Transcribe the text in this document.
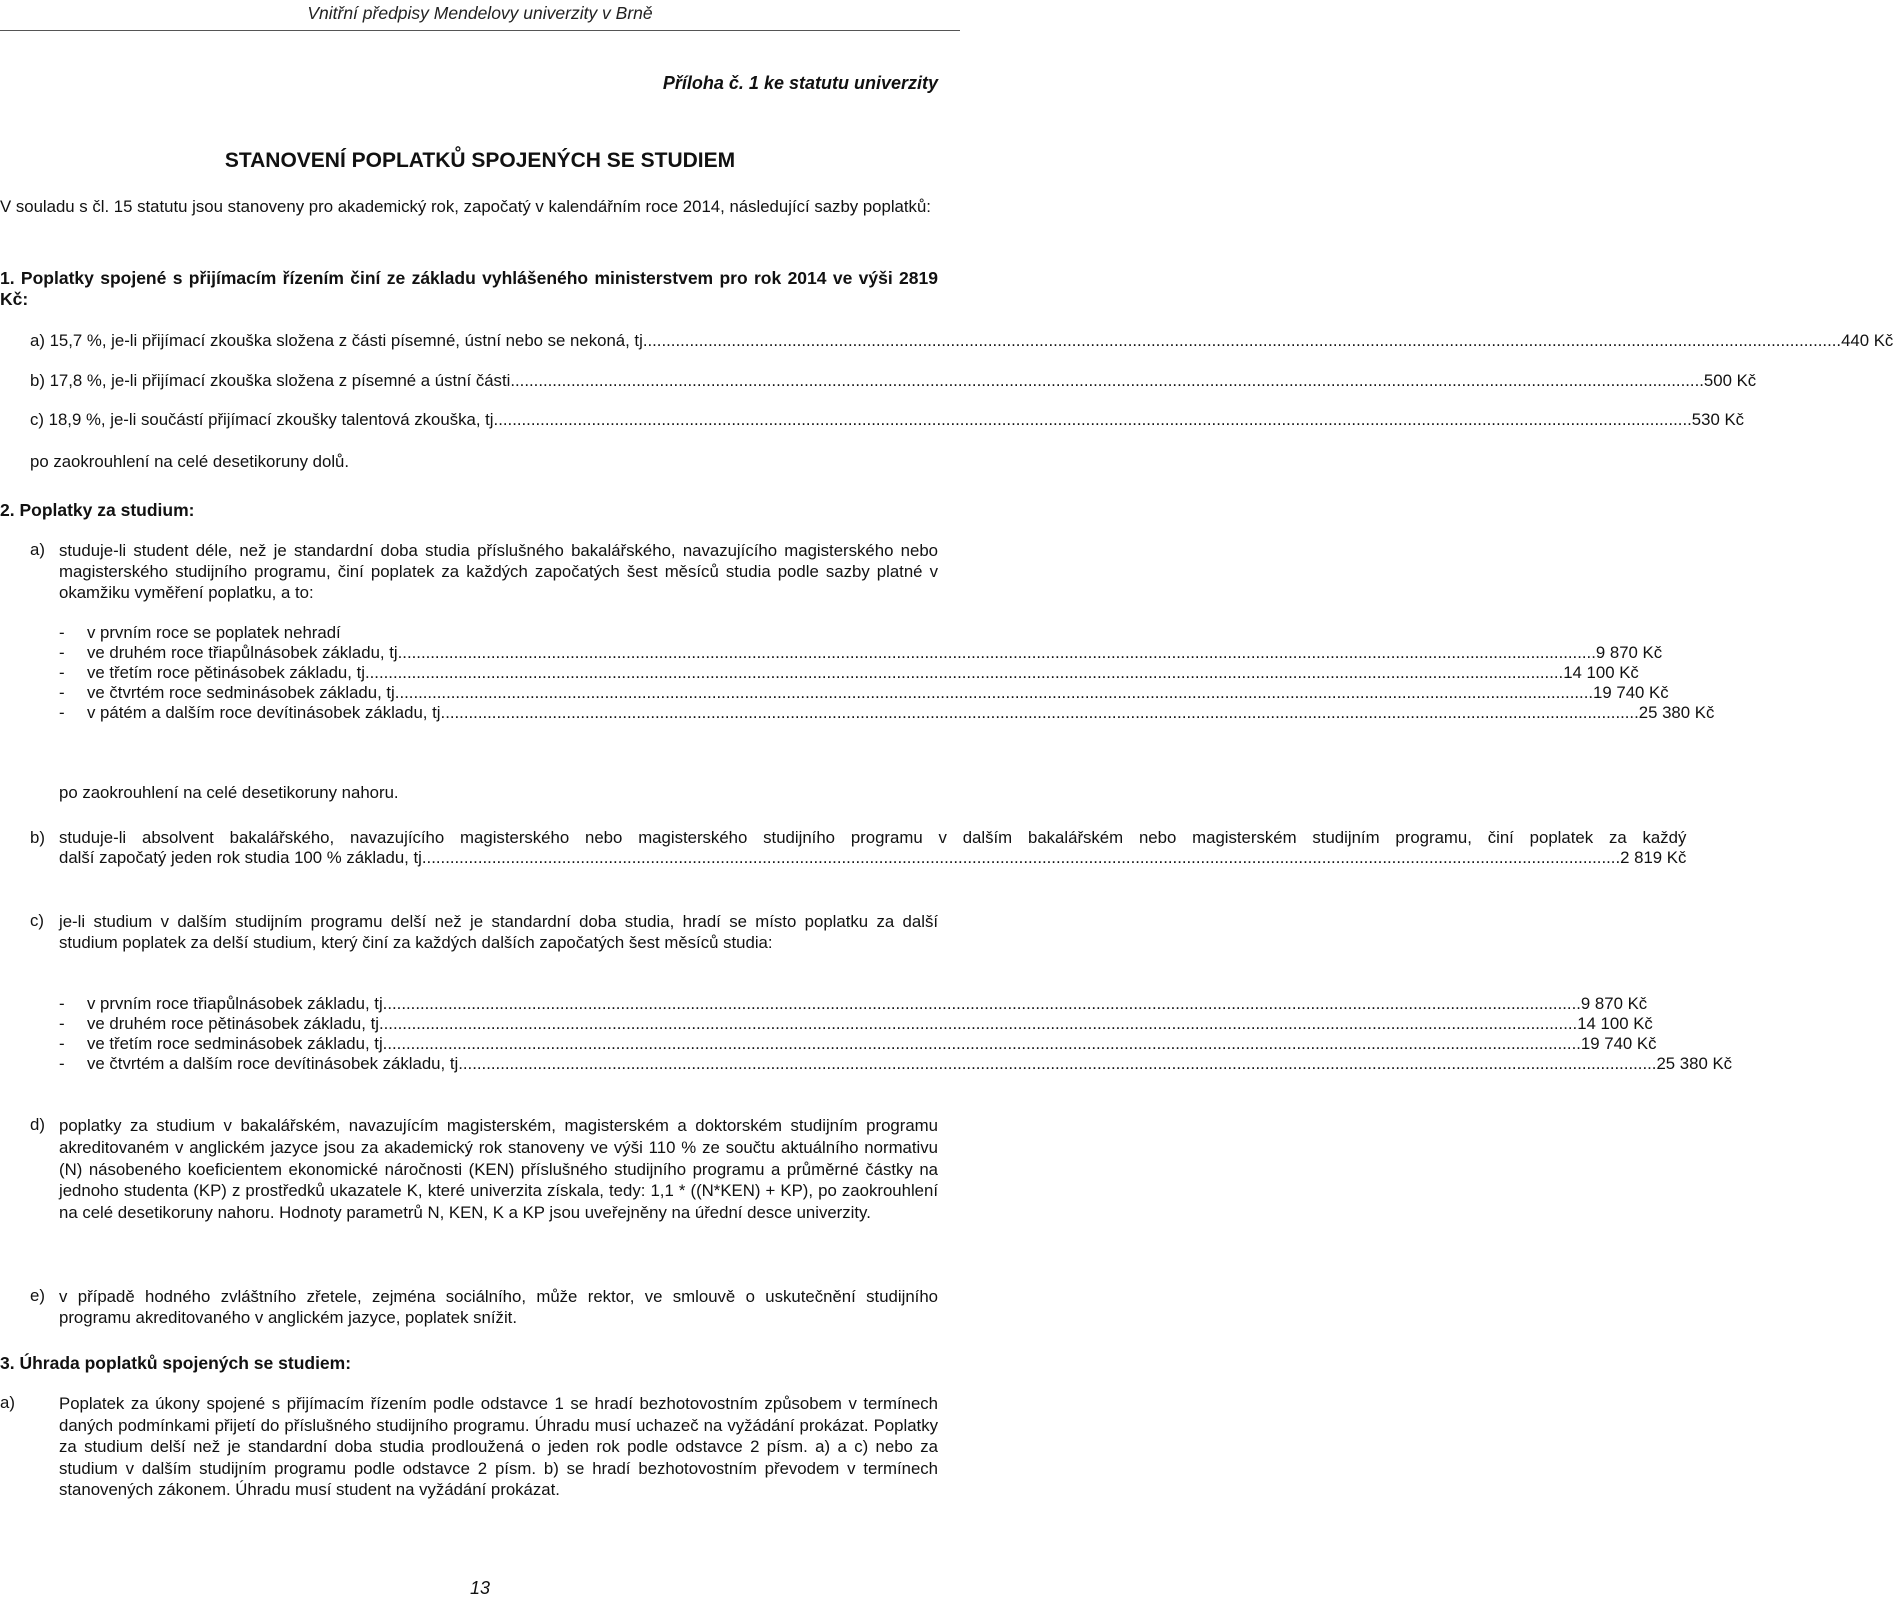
Vnitřní předpisy Mendelovy univerzity v Brně
Příloha č. 1 ke statutu univerzity
STANOVENÍ POPLATKŮ SPOJENÝCH SE STUDIEM
V souladu s čl. 15 statutu jsou stanoveny pro akademický rok, započatý v kalendářním roce 2014, následující sazby poplatků:
1. Poplatky spojené s přijímacím řízením činí ze základu vyhlášeného ministerstvem pro rok 2014 ve výši 2819 Kč:
a) 15,7 %, je-li přijímací zkouška složena z části písemné, ústní nebo se nekoná, tj. .....	440 Kč
b) 17,8 %, je-li přijímací zkouška složena z písemné a ústní části .....	500 Kč
c) 18,9 %, je-li součástí přijímací zkoušky talentová zkouška, tj. .....	530 Kč
po zaokrouhlení na celé desetikoruny dolů.
2. Poplatky za studium:
a) studuje-li student déle, než je standardní doba studia příslušného bakalářského, navazujícího magisterského nebo magisterského studijního programu, činí poplatek za každých započatých šest měsíců studia podle sazby platné v okamžiku vyměření poplatku, a to:
-	v prvním roce se poplatek nehradí
-	ve druhém roce třiapůlnásobek základu, tj. .....	9 870 Kč
-	ve třetím roce pětinásobek základu, tj. .....	14 100 Kč
-	ve čtvrtém roce sedminásobek základu, tj. .....	19 740 Kč
-	v pátém a dalším roce devítinásobek základu, tj. .....	25 380 Kč
po zaokrouhlení na celé desetikoruny nahoru.
b) studuje-li absolvent bakalářského, navazujícího magisterského nebo magisterského studijního programu v dalším bakalářském nebo magisterském studijním programu, činí poplatek za každý
další započatý jeden rok studia 100 % základu, tj. .....	2 819 Kč
c) je-li studium v dalším studijním programu delší než je standardní doba studia, hradí se místo poplatku za další studium poplatek za delší studium, který činí za každých dalších započatých šest měsíců studia:
-	v prvním roce třiapůlnásobek základu, tj. .....	9 870 Kč
-	ve druhém roce pětinásobek základu, tj. .....	14 100 Kč
-	ve třetím roce sedminásobek základu, tj. .....	19 740 Kč
-	ve čtvrtém a dalším roce devítinásobek základu, tj. .....	25 380 Kč
d) poplatky za studium v bakalářském, navazujícím magisterském, magisterském a doktorském studijním programu akreditovaném v anglickém jazyce jsou za akademický rok stanoveny ve výši 110 % ze součtu aktuálního normativu (N) násobeného koeficientem ekonomické náročnosti (KEN) příslušného studijního programu a průměrné částky na jednoho studenta (KP) z prostředků ukazatele K, které univerzita získala, tedy: 1,1 * ((N*KEN) + KP), po zaokrouhlení na celé desetikoruny nahoru. Hodnoty parametrů N, KEN, K a KP jsou uveřejněny na úřední desce univerzity.
e) v případě hodného zvláštního zřetele, zejména sociálního, může rektor, ve smlouvě o uskutečnění studijního programu akreditovaného v anglickém jazyce, poplatek snížit.
3. Úhrada poplatků spojených se studiem:
a)	Poplatek za úkony spojené s přijímacím řízením podle odstavce 1 se hradí bezhotovostním způsobem v termínech daných podmínkami přijetí do příslušného studijního programu. Úhradu musí uchazeč na vyžádání prokázat. Poplatky za studium delší než je standardní doba studia prodloužená o jeden rok podle odstavce 2 písm. a) a c) nebo za studium v dalším studijním programu podle odstavce 2 písm. b) se hradí bezhotovostním převodem v termínech stanovených zákonem. Úhradu musí student na vyžádání prokázat.
13
